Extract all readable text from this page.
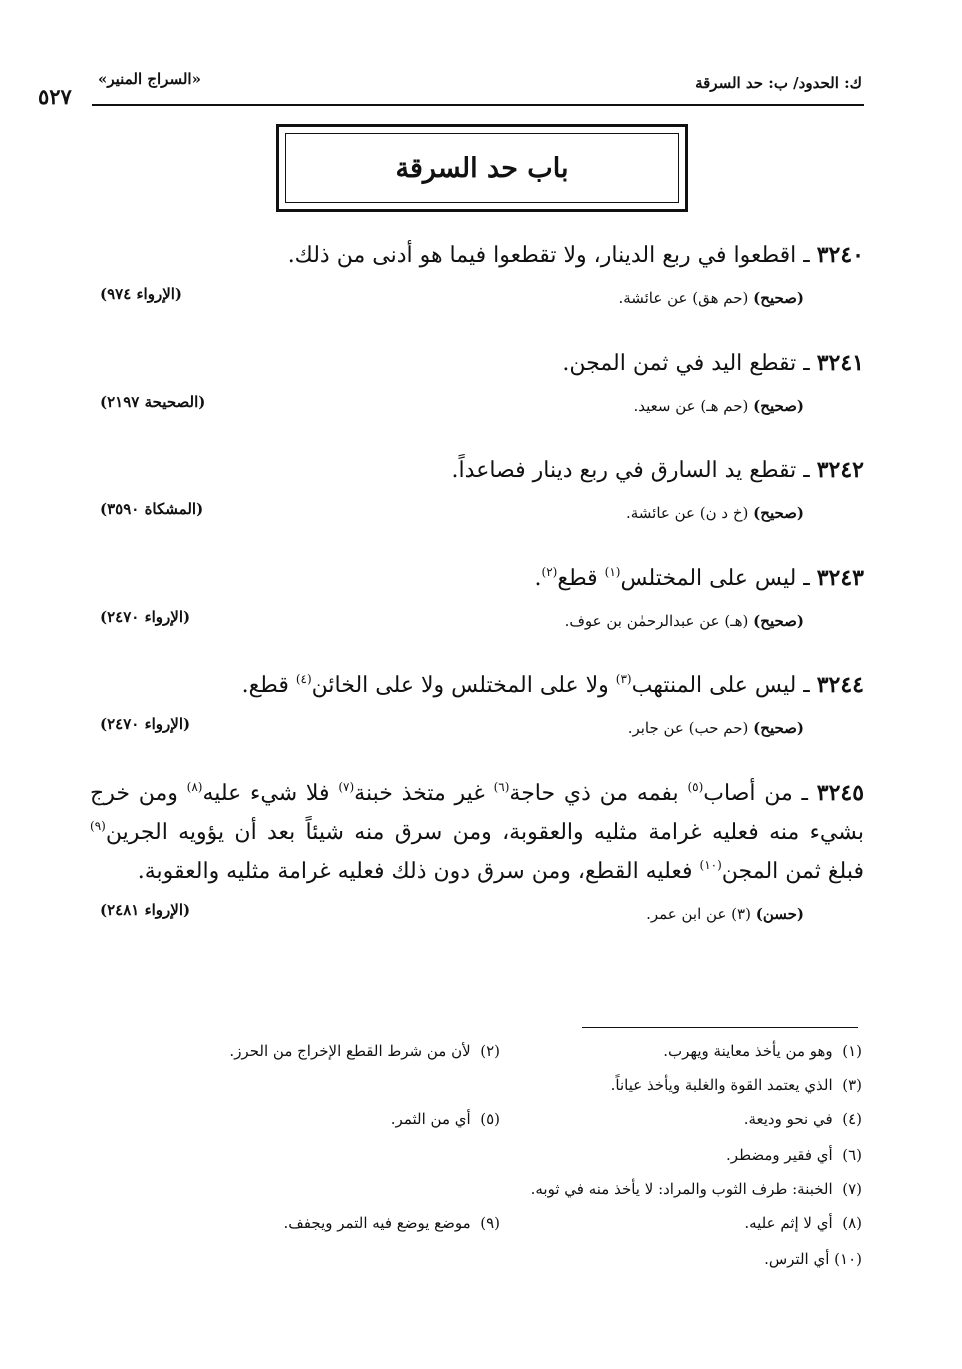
ك: الحدود/ ب: حد السرقة
«السراج المنير»
٥٢٧
باب حد السرقة
٣٢٤٠ ـ اقطعوا في ربع الدينار، ولا تقطعوا فيما هو أدنى من ذلك.
(صحيح) (حم هق) عن عائشة.
(الإرواء ٩٧٤)
٣٢٤١ ـ تقطع اليد في ثمن المجن.
(صحيح) (حم هـ) عن سعيد.
(الصحيحة ٢١٩٧)
٣٢٤٢ ـ تقطع يد السارق في ربع دينار فصاعداً.
(صحيح) (خ د ن) عن عائشة.
(المشكاة ٣٥٩٠)
٣٢٤٣ ـ ليس على المختلس$^{(١)}$ قطع$^{(٢)}$.
(صحيح) (هـ) عن عبدالرحمٰن بن عوف.
(الإرواء ٢٤٧٠)
٣٢٤٤ ـ ليس على المنتهب$^{(٣)}$ ولا على المختلس ولا على الخائن$^{(٤)}$ قطع.
(صحيح) (حم حب) عن جابر.
(الإرواء ٢٤٧٠)
٣٢٤٥ ـ من أصاب$^{(٥)}$ بفمه من ذي حاجة$^{(٦)}$ غير متخذ خبنة$^{(٧)}$ فلا شيء عليه$^{(٨)}$ ومن خرج بشيء منه فعليه غرامة مثليه والعقوبة، ومن سرق منه شيئاً بعد أن يؤويه الجرين$^{(٩)}$ فبلغ ثمن المجن$^{(١٠)}$ فعليه القطع، ومن سرق دون ذلك فعليه غرامة مثليه والعقوبة.
(حسن) (٣) عن ابن عمر.
(الإرواء ٢٤٨١)
(١)  وهو من يأخذ معاينة ويهرب.
(٢)  لأن من شرط القطع الإخراج من الحرز.
(٣)  الذي يعتمد القوة والغلبة ويأخذ عياناً.
(٤)  في نحو وديعة.
(٥)  أي من الثمر.
(٦)  أي فقير ومضطر.
(٧)  الخبنة: طرف الثوب والمراد: لا يأخذ منه في ثوبه.
(٨)  أي لا إثم عليه.
(٩)  موضع يوضع فيه التمر ويجفف.
(١٠) أي الترس.
